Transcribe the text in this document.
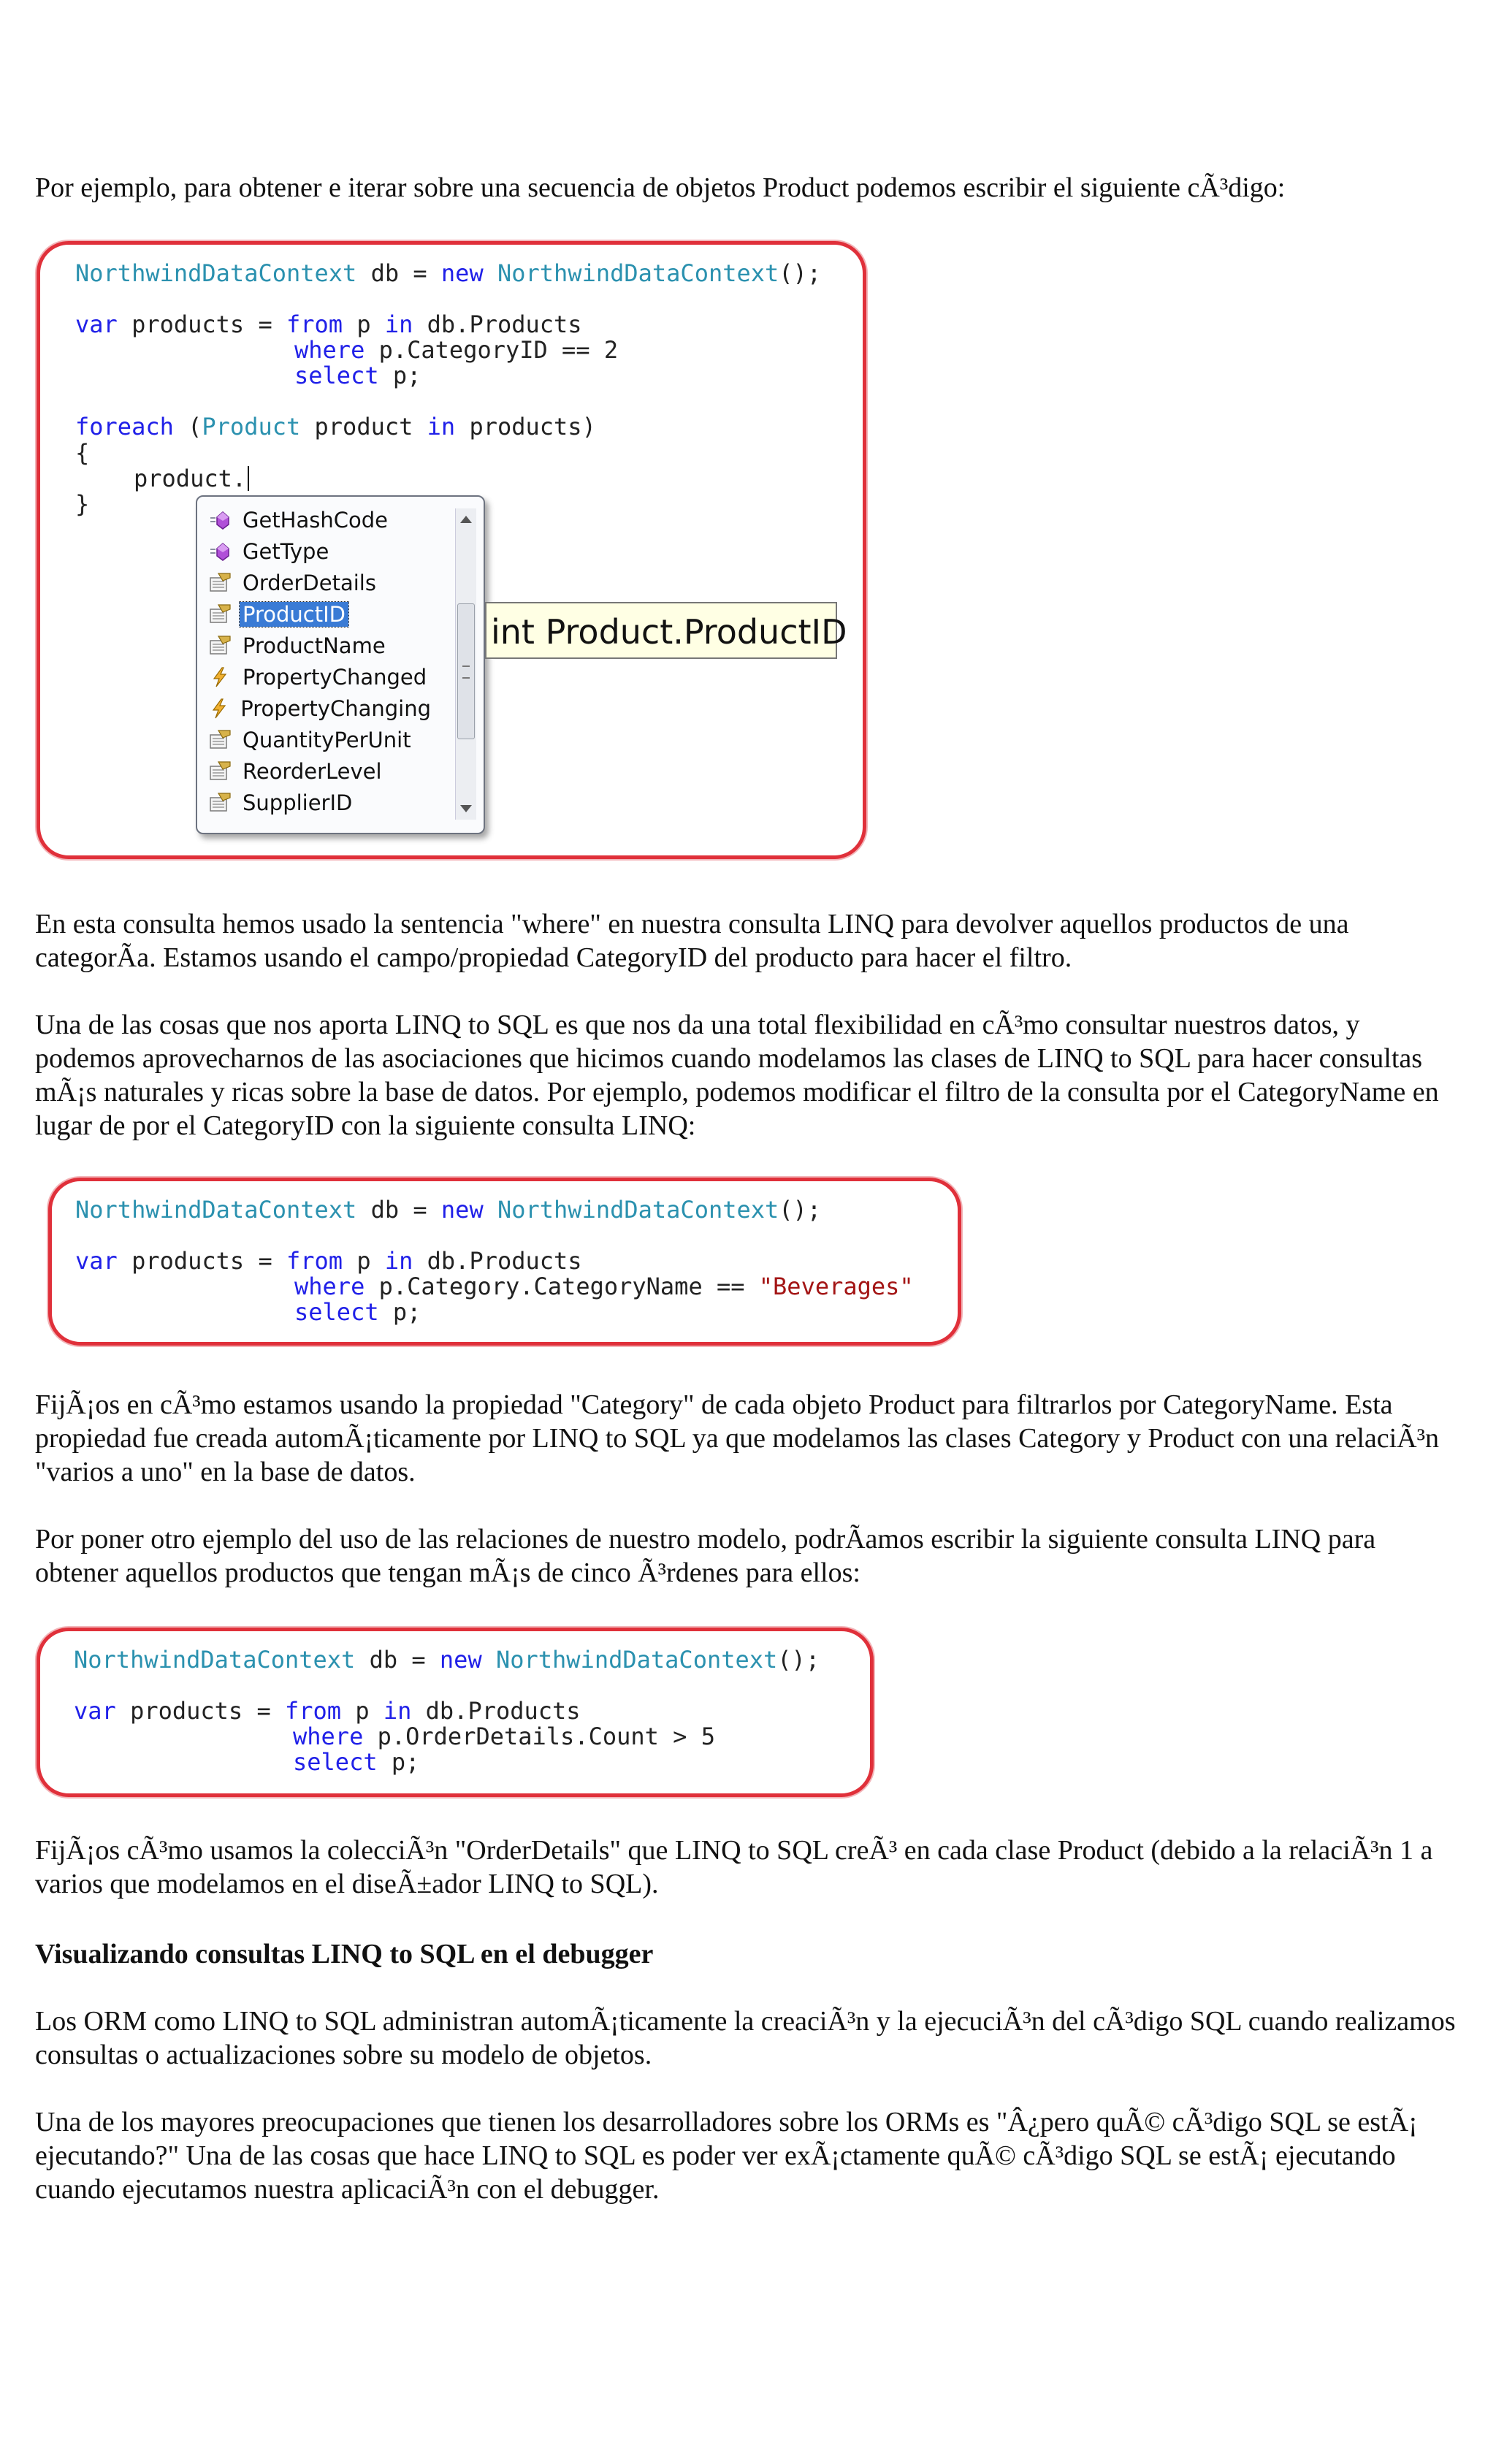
Por ejemplo, para obtener e iterar sobre una secuencia de objetos Product podemos escribir el siguiente cÃ³digo:

NorthwindDataContext db = new NorthwindDataContext();
var products = from p in db.Products
where p.CategoryID == 2
select p;
foreach (Product product in products)
{
product.
}
GetHashCode
GetType
OrderDetails
ProductID
ProductName
PropertyChanged
PropertyChanging
QuantityPerUnit
ReorderLevel
SupplierID
int Product.ProductID

En esta consulta hemos usado la sentencia "where" en nuestra consulta LINQ para devolver aquellos productos de una categorÃa. Estamos usando el campo/propiedad CategoryID del producto para hacer el filtro.

Una de las cosas que nos aporta LINQ to SQL es que nos da una total flexibilidad en cÃ³mo consultar nuestros datos, y podemos aprovecharnos de las asociaciones que hicimos cuando modelamos las clases de LINQ to SQL para hacer consultas mÃ¡s naturales y ricas sobre la base de datos. Por ejemplo, podemos modificar el filtro de la consulta por el CategoryName en lugar de por el CategoryID con la siguiente consulta LINQ:

NorthwindDataContext db = new NorthwindDataContext();
var products = from p in db.Products
where p.Category.CategoryName == "Beverages"
select p;

FijÃ¡os en cÃ³mo estamos usando la propiedad "Category" de cada objeto Product para filtrarlos por CategoryName. Esta propiedad fue creada automÃ¡ticamente por LINQ to SQL ya que modelamos las clases Category y Product con una relaciÃ³n "varios a uno" en la base de datos.

Por poner otro ejemplo del uso de las relaciones de nuestro modelo, podrÃamos escribir la siguiente consulta LINQ para obtener aquellos productos que tengan mÃ¡s de cinco Ã³rdenes para ellos:

NorthwindDataContext db = new NorthwindDataContext();
var products = from p in db.Products
where p.OrderDetails.Count > 5
select p;

FijÃ¡os cÃ³mo usamos la colecciÃ³n "OrderDetails" que LINQ to SQL creÃ³ en cada clase Product (debido a la relaciÃ³n 1 a varios que modelamos en el diseÃ±ador LINQ to SQL).

Visualizando consultas LINQ to SQL en el debugger

Los ORM como LINQ to SQL administran automÃ¡ticamente la creaciÃ³n y la ejecuciÃ³n del cÃ³digo SQL cuando realizamos consultas o actualizaciones sobre su modelo de objetos.

Una de los mayores preocupaciones que tienen los desarrolladores sobre los ORMs es "Â¿pero quÃ© cÃ³digo SQL se estÃ¡ ejecutando?" Una de las cosas que hace LINQ to SQL es poder ver exÃ¡ctamente quÃ© cÃ³digo SQL se estÃ¡ ejecutando cuando ejecutamos nuestra aplicaciÃ³n con el debugger.
